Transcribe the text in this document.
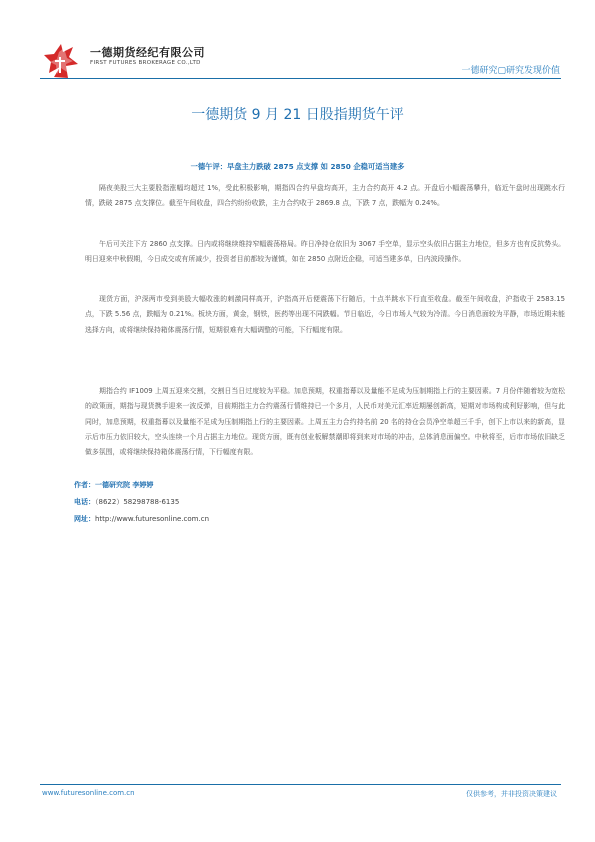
一德期货经纪有限公司
FIRST FUTURES BROKERAGE CO.,LTD
一德研究▢研究发现价值
一德期货 9 月 21 日股指期货午评
一德午评：早盘主力跌破 2875 点支撑 如 2850 企稳可适当建多

隔夜美股三大主要股指涨幅均超过 1%，受此积极影响，期指四合约早盘均高开，主力合约高开 4.2 点。开盘后小幅震荡攀升，临近午盘时出现跳水行情，跌破 2875 点支撑位。截至午间收盘，四合约纷纷收跌，主力合约收于 2869.8 点，下跌 7 点，跌幅为 0.24%。

午后可关注下方 2860 点支撑。日内或将继续维持窄幅震荡格局。昨日净持仓依旧为 3067 手空单，显示空头依旧占据主力地位，但多方也有反抗势头。明日迎来中秋假期，今日成交或有所减少，投资者目前都较为谨慎，如在 2850 点附近企稳，可适当建多单，日内波段操作。

现货方面，沪深两市受到美股大幅收涨的刺激同样高开，沪指高开后便震荡下行随后，十点半跳水下行直至收盘。截至午间收盘，沪指收于 2583.15 点，下跌 5.56 点，跌幅为 0.21%。板块方面，黄金，钢铁，医药等出现不同跌幅。节日临近，今日市场人气较为冷清。今日消息面较为平静，市场近期未能选择方向，或将继续保持箱体震荡行情，短期很难有大幅调整的可能，下行幅度有限。

期指合约 IF1009 上周五迎来交割，交割日当日过度较为平稳。加息预期，权重指幕以及量能不足成为压制期指上行的主要因素。7 月份伴随着较为宽松的政策面，期指与现货携手迎来一波反弹，目前期指主力合约震荡行情维持已一个多月，人民币对美元汇率近期屡创新高，短期对市场构成利好影响，但与此同时，加息预期，权重指幕以及量能不足成为压制期指上行的主要因素。上周五主力合约持名前 20 名的持仓会员净空单超三千手，创下上市以来的新高，显示后市压力依旧较大，空头连续一个月占据主力地位。现货方面，既有创业板解禁潮即将到来对市场的冲击，总体消息面偏空。中秋将至，后市市场依旧缺乏做多氛围，或将继续保持箱体震荡行情，下行幅度有限。

作者：一德研究院 李婷婷
电话：（8622）58298788-6135
网址：http://www.futuresonline.com.cn
www.futuresonline.com.cn	仅供参考，并非投资决策建议
